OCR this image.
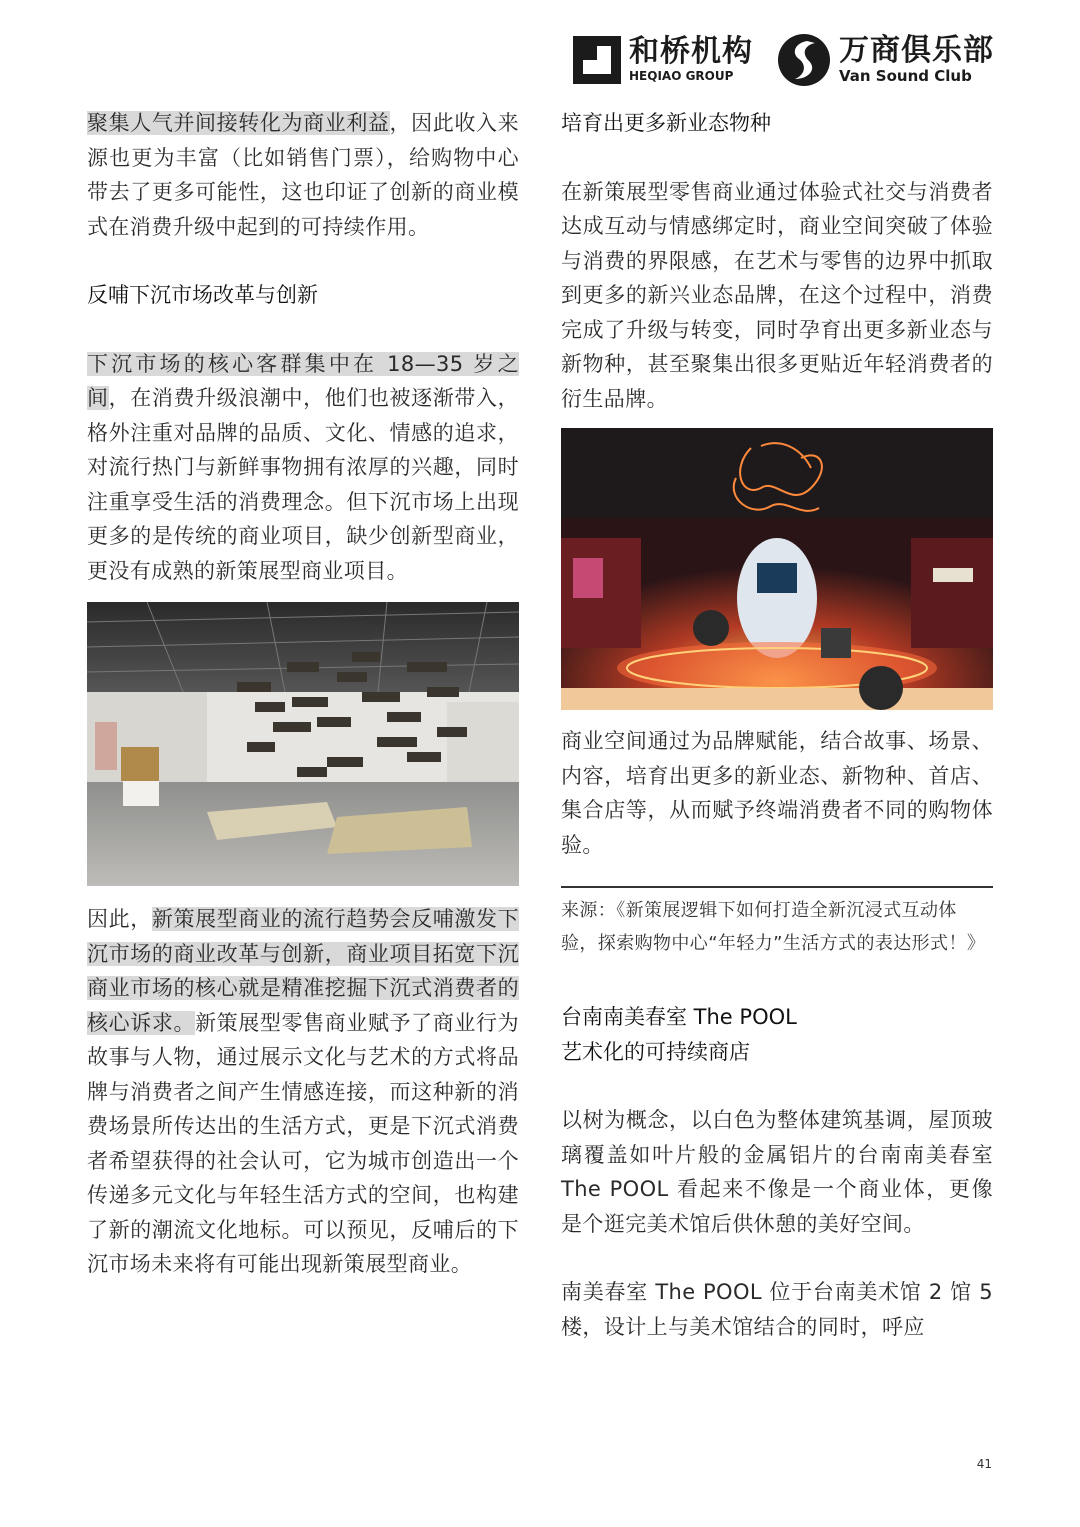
和桥机构
HEQIAO GROUP
万商俱乐部
Van Sound Club

聚集人气并间接转化为商业利益，因此收入来源也更为丰富（比如销售门票），给购物中心带去了更多可能性，这也印证了创新的商业模式在消费升级中起到的可持续作用。

反哺下沉市场改革与创新

下沉市场的核心客群集中在 18—35 岁之间，在消费升级浪潮中，他们也被逐渐带入，格外注重对品牌的品质、文化、情感的追求，对流行热门与新鲜事物拥有浓厚的兴趣，同时注重享受生活的消费理念。但下沉市场上出现更多的是传统的商业项目，缺少创新型商业，更没有成熟的新策展型商业项目。

因此，新策展型商业的流行趋势会反哺激发下沉市场的商业改革与创新，商业项目拓宽下沉商业市场的核心就是精准挖掘下沉式消费者的核心诉求。新策展型零售商业赋予了商业行为故事与人物，通过展示文化与艺术的方式将品牌与消费者之间产生情感连接，而这种新的消费场景所传达出的生活方式，更是下沉式消费者希望获得的社会认可，它为城市创造出一个传递多元文化与年轻生活方式的空间，也构建了新的潮流文化地标。可以预见，反哺后的下沉市场未来将有可能出现新策展型商业。

培育出更多新业态物种

在新策展型零售商业通过体验式社交与消费者达成互动与情感绑定时，商业空间突破了体验与消费的界限感，在艺术与零售的边界中抓取到更多的新兴业态品牌，在这个过程中，消费完成了升级与转变，同时孕育出更多新业态与新物种，甚至聚集出很多更贴近年轻消费者的衍生品牌。

商业空间通过为品牌赋能，结合故事、场景、内容，培育出更多的新业态、新物种、首店、集合店等，从而赋予终端消费者不同的购物体验。

来源：《新策展逻辑下如何打造全新沉浸式互动体验，探索购物中心“年轻力”生活方式的表达形式！》

台南南美春室 The POOL
艺术化的可持续商店

以树为概念，以白色为整体建筑基调，屋顶玻璃覆盖如叶片般的金属铝片的台南南美春室 The POOL 看起来不像是一个商业体，更像是个逛完美术馆后供休憩的美好空间。

南美春室 The POOL 位于台南美术馆 2 馆 5 楼，设计上与美术馆结合的同时，呼应

41
